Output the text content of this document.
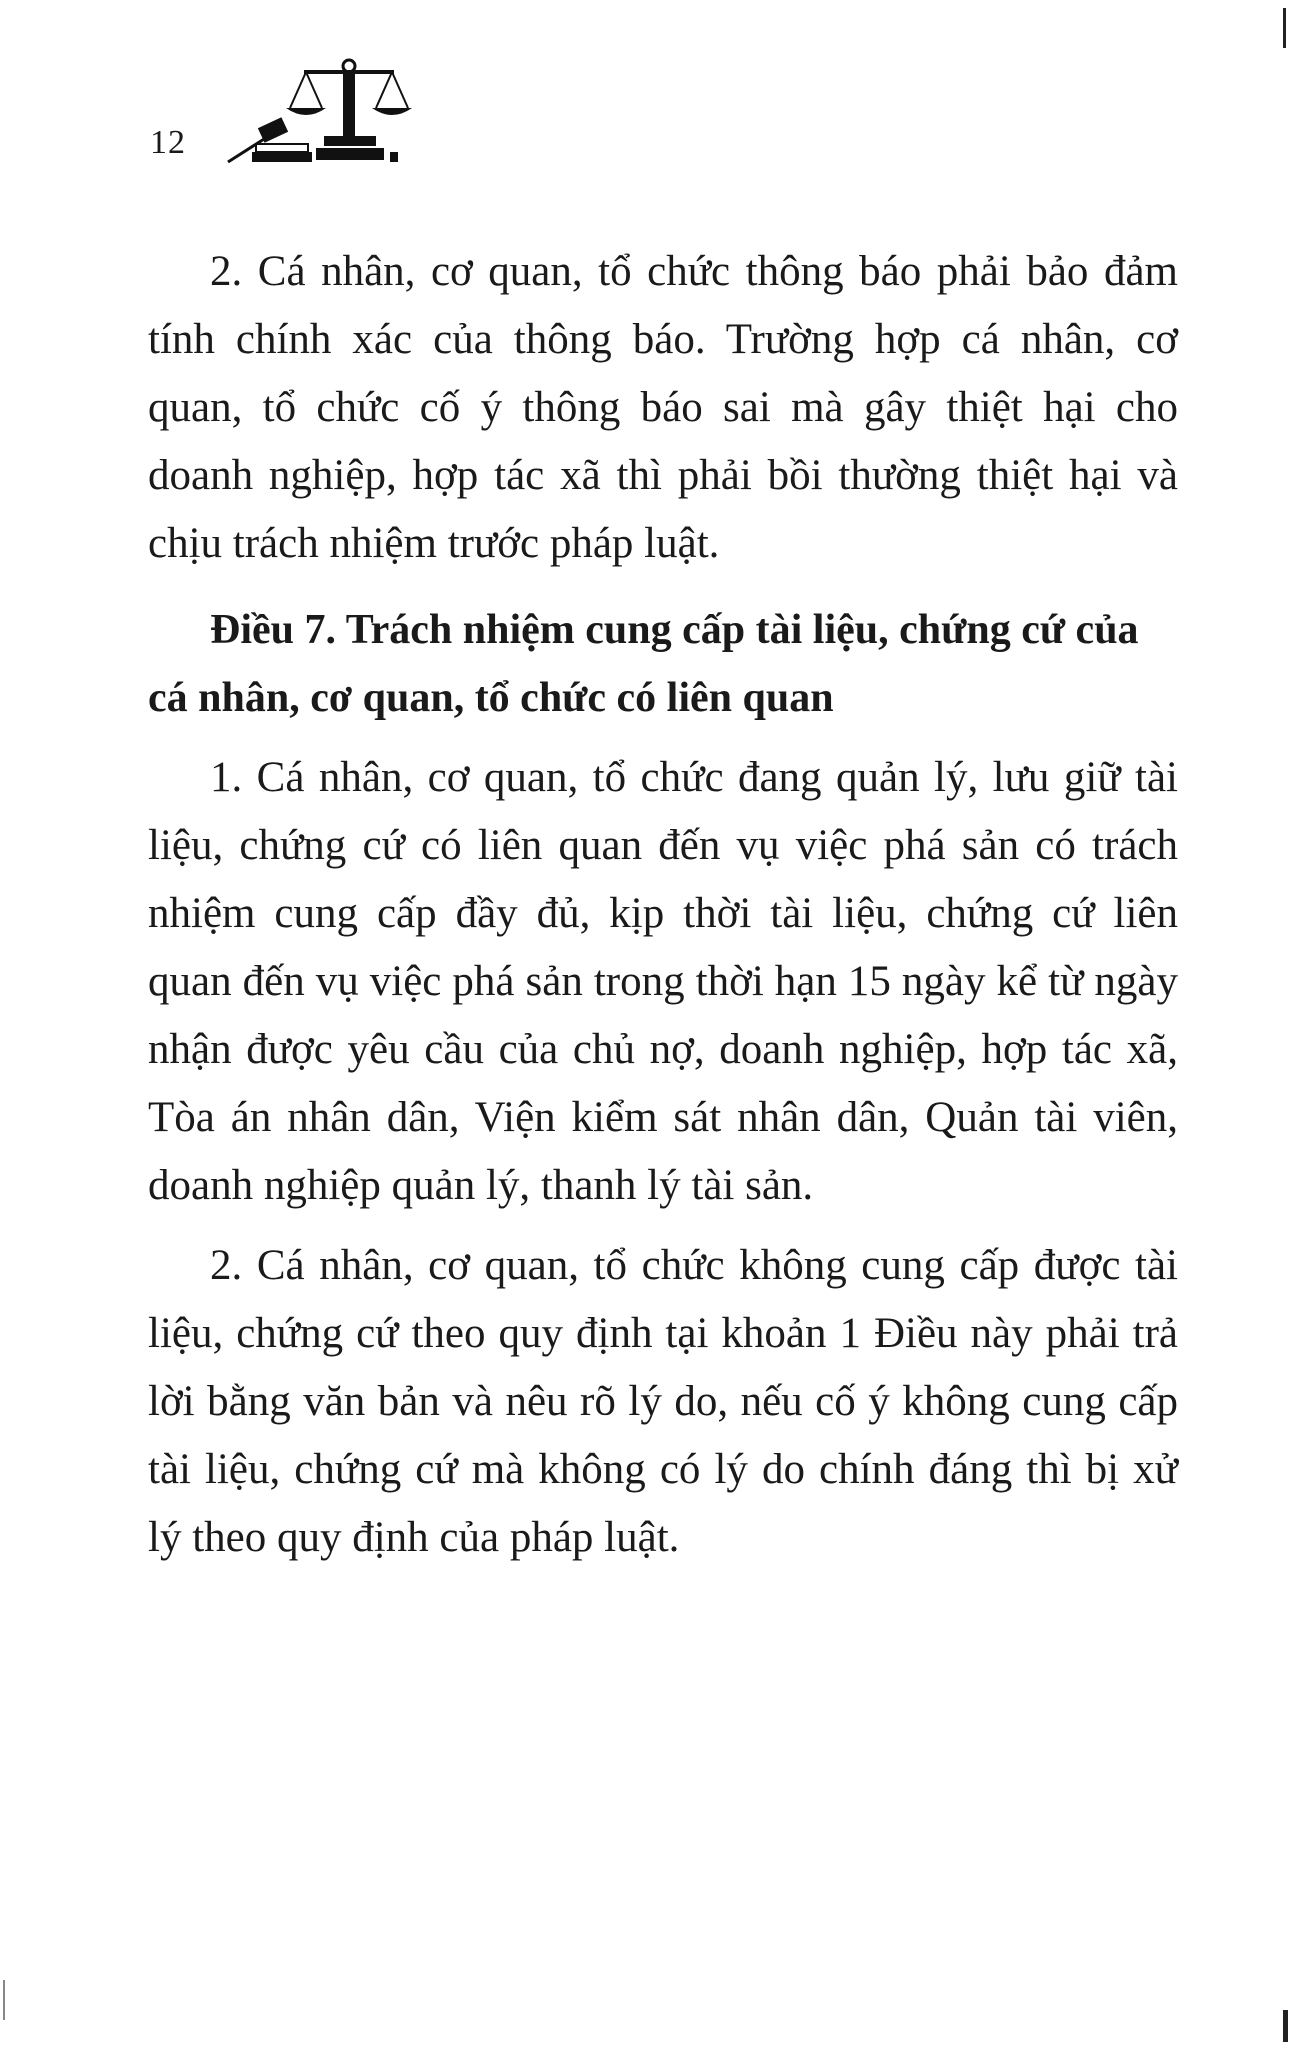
12

2. Cá nhân, cơ quan, tổ chức thông báo phải bảo đảm tính chính xác của thông báo. Trường hợp cá nhân, cơ quan, tổ chức cố ý thông báo sai mà gây thiệt hại cho doanh nghiệp, hợp tác xã thì phải bồi thường thiệt hại và chịu trách nhiệm trước pháp luật.

Điều 7. Trách nhiệm cung cấp tài liệu, chứng cứ của cá nhân, cơ quan, tổ chức có liên quan

1. Cá nhân, cơ quan, tổ chức đang quản lý, lưu giữ tài liệu, chứng cứ có liên quan đến vụ việc phá sản có trách nhiệm cung cấp đầy đủ, kịp thời tài liệu, chứng cứ liên quan đến vụ việc phá sản trong thời hạn 15 ngày kể từ ngày nhận được yêu cầu của chủ nợ, doanh nghiệp, hợp tác xã, Tòa án nhân dân, Viện kiểm sát nhân dân, Quản tài viên, doanh nghiệp quản lý, thanh lý tài sản.

2. Cá nhân, cơ quan, tổ chức không cung cấp được tài liệu, chứng cứ theo quy định tại khoản 1 Điều này phải trả lời bằng văn bản và nêu rõ lý do, nếu cố ý không cung cấp tài liệu, chứng cứ mà không có lý do chính đáng thì bị xử lý theo quy định của pháp luật.
